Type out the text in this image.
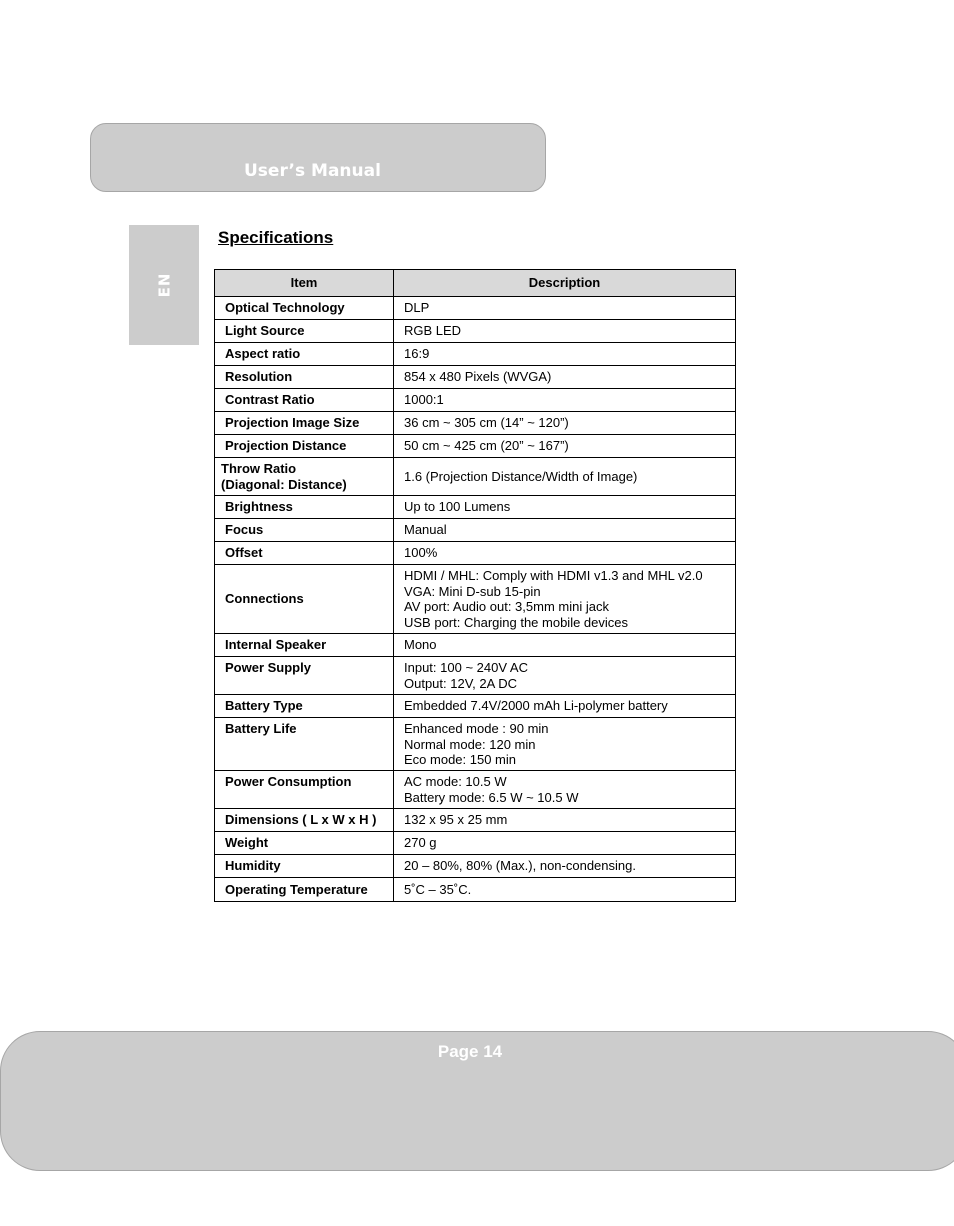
User’s Manual
EN
Specifications
Item	Description
Optical Technology	DLP

Light Source	RGB LED

Aspect ratio	16:9

Resolution	854 x 480 Pixels (WVGA)

Contrast Ratio	1000:1

Projection Image Size	36 cm ~ 305 cm (14” ~ 120”)

Projection Distance	50 cm ~ 425 cm (20” ~ 167”)

Throw Ratio
(Diagonal: Distance)	1.6 (Projection Distance/Width of Image)

Brightness	Up to 100 Lumens

Focus	Manual

Offset	100%

Connections	HDMI / MHL: Comply with HDMI v1.3 and MHL v2.0
VGA: Mini D-sub 15-pin
AV port: Audio out: 3,5mm mini jack
USB port: Charging the mobile devices

Internal Speaker	Mono

Power Supply	Input: 100 ~ 240V AC
Output: 12V, 2A DC

Battery Type	Embedded 7.4V/2000 mAh Li-polymer battery

Battery Life	Enhanced mode : 90 min
Normal mode: 120 min
Eco mode: 150 min

Power Consumption	AC mode: 10.5 W
Battery mode: 6.5 W ~ 10.5 W

Dimensions ( L x W x H )	132 x 95 x 25 mm

Weight	270 g

Humidity	20 – 80%, 80% (Max.), non-condensing.

Operating Temperature	5˚C – 35˚C.
Page 14
